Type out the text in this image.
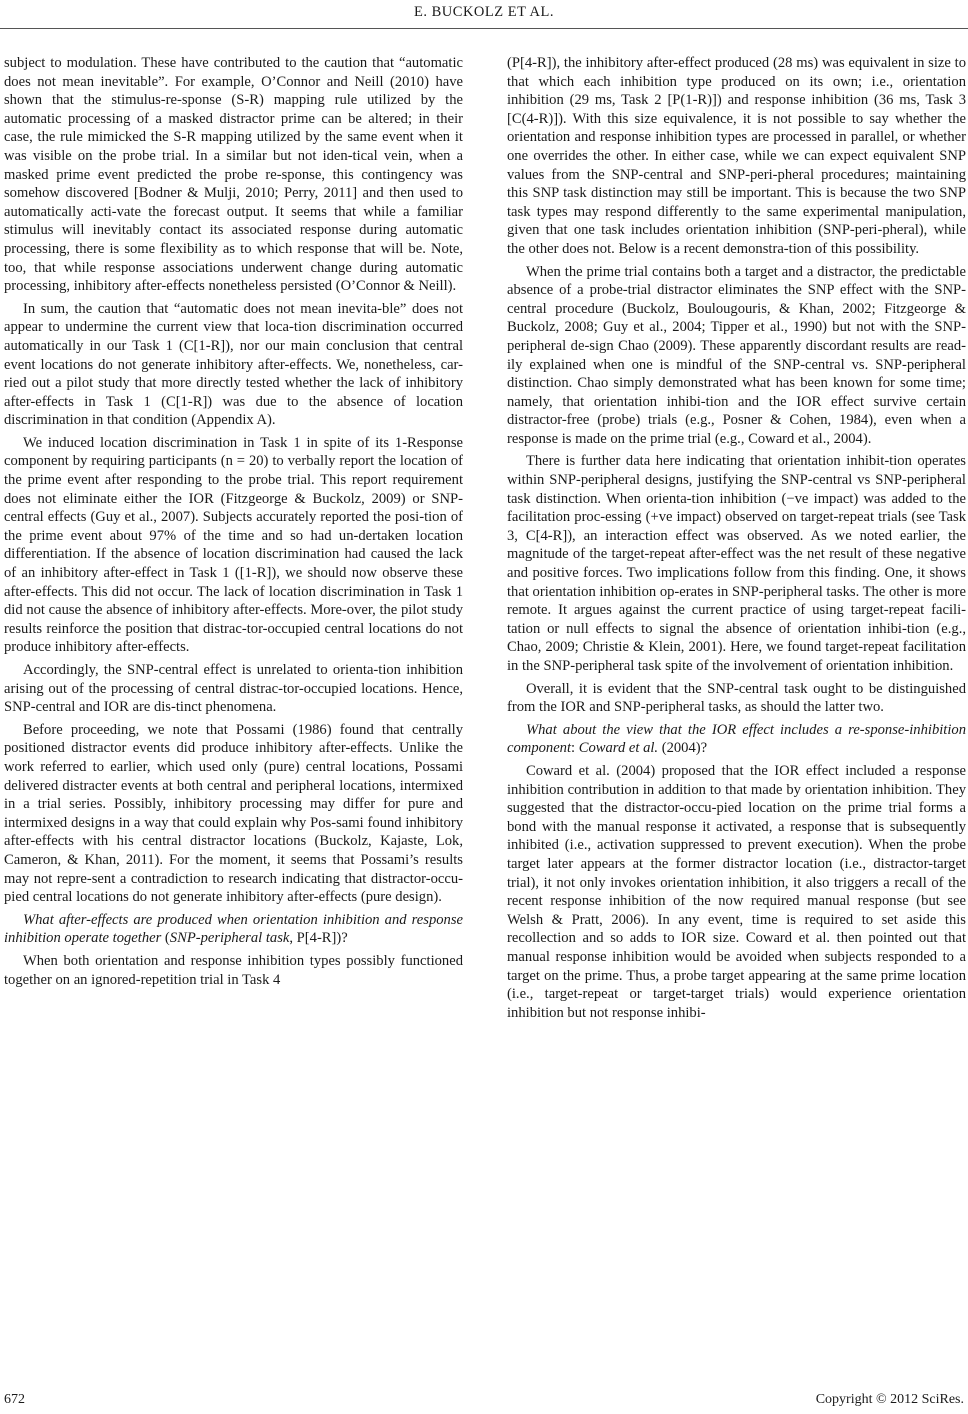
E. BUCKOLZ ET AL.

subject to modulation. These have contributed to the caution that “automatic does not mean inevitable”. For example, O’Connor and Neill (2010) have shown that the stimulus-re-sponse (S-R) mapping rule utilized by the automatic processing of a masked distractor prime can be altered; in their case, the rule mimicked the S-R mapping utilized by the same event when it was visible on the probe trial. In a similar but not iden-tical vein, when a masked prime event predicted the probe re-sponse, this contingency was somehow discovered [Bodner & Mulji, 2010; Perry, 2011] and then used to automatically acti-vate the forecast output. It seems that while a familiar stimulus will inevitably contact its associated response during automatic processing, there is some flexibility as to which response that will be. Note, too, that while response associations underwent change during automatic processing, inhibitory after-effects nonetheless persisted (O’Connor & Neill).

In sum, the caution that “automatic does not mean inevita-ble” does not appear to undermine the current view that loca-tion discrimination occurred automatically in our Task 1 (C[1-R]), nor our main conclusion that central event locations do not generate inhibitory after-effects. We, nonetheless, car-ried out a pilot study that more directly tested whether the lack of inhibitory after-effects in Task 1 (C[1-R]) was due to the absence of location discrimination in that condition (Appendix A).

We induced location discrimination in Task 1 in spite of its 1-Response component by requiring participants (n = 20) to verbally report the location of the prime event after responding to the probe trial. This report requirement does not eliminate either the IOR (Fitzgeorge & Buckolz, 2009) or SNP-central effects (Guy et al., 2007). Subjects accurately reported the posi-tion of the prime event about 97% of the time and so had un-dertaken location differentiation. If the absence of location discrimination had caused the lack of an inhibitory after-effect in Task 1 ([1-R]), we should now observe these after-effects. This did not occur. The lack of location discrimination in Task 1 did not cause the absence of inhibitory after-effects. More-over, the pilot study results reinforce the position that distrac-tor-occupied central locations do not produce inhibitory after-effects.

Accordingly, the SNP-central effect is unrelated to orienta-tion inhibition arising out of the processing of central distrac-tor-occupied locations. Hence, SNP-central and IOR are dis-tinct phenomena.

Before proceeding, we note that Possami (1986) found that centrally positioned distractor events did produce inhibitory after-effects. Unlike the work referred to earlier, which used only (pure) central locations, Possami delivered distracter events at both central and peripheral locations, intermixed in a trial series. Possibly, inhibitory processing may differ for pure and intermixed designs in a way that could explain why Pos-sami found inhibitory after-effects with his central distractor locations (Buckolz, Kajaste, Lok, Cameron, & Khan, 2011). For the moment, it seems that Possami’s results may not repre-sent a contradiction to research indicating that distractor-occu-pied central locations do not generate inhibitory after-effects (pure design).

What after-effects are produced when orientation inhibition and response inhibition operate together (SNP-peripheral task, P[4-R])?

When both orientation and response inhibition types possibly functioned together on an ignored-repetition trial in Task 4

(P[4-R]), the inhibitory after-effect produced (28 ms) was equivalent in size to that which each inhibition type produced on its own; i.e., orientation inhibition (29 ms, Task 2 [P(1-R)]) and response inhibition (36 ms, Task 3 [C(4-R)]). With this size equivalence, it is not possible to say whether the orientation and response inhibition types are processed in parallel, or whether one overrides the other. In either case, while we can expect equivalent SNP values from the SNP-central and SNP-peri-pheral procedures; maintaining this SNP task distinction may still be important. This is because the two SNP task types may respond differently to the same experimental manipulation, given that one task includes orientation inhibition (SNP-peri-pheral), while the other does not. Below is a recent demonstra-tion of this possibility.

When the prime trial contains both a target and a distractor, the predictable absence of a probe-trial distractor eliminates the SNP effect with the SNP-central procedure (Buckolz, Boulougouris, & Khan, 2002; Fitzgeorge & Buckolz, 2008; Guy et al., 2004; Tipper et al., 1990) but not with the SNP-peripheral de-sign Chao (2009). These apparently discordant results are read-ily explained when one is mindful of the SNP-central vs. SNP-peripheral distinction. Chao simply demonstrated what has been known for some time; namely, that orientation inhibi-tion and the IOR effect survive certain distractor-free (probe) trials (e.g., Posner & Cohen, 1984), even when a response is made on the prime trial (e.g., Coward et al., 2004).

There is further data here indicating that orientation inhibit-tion operates within SNP-peripheral designs, justifying the SNP-central vs SNP-peripheral task distinction. When orienta-tion inhibition (−ve impact) was added to the facilitation proc-essing (+ve impact) observed on target-repeat trials (see Task 3, C[4-R]), an interaction effect was observed. As we noted earlier, the magnitude of the target-repeat after-effect was the net result of these negative and positive forces. Two implications follow from this finding. One, it shows that orientation inhibition op-erates in SNP-peripheral tasks. The other is more remote. It argues against the current practice of using target-repeat facili-tation or null effects to signal the absence of orientation inhibi-tion (e.g., Chao, 2009; Christie & Klein, 2001). Here, we found target-repeat facilitation in the SNP-peripheral task spite of the involvement of orientation inhibition.

Overall, it is evident that the SNP-central task ought to be distinguished from the IOR and SNP-peripheral tasks, as should the latter two.

What about the view that the IOR effect includes a re-sponse-inhibition component: Coward et al. (2004)?

Coward et al. (2004) proposed that the IOR effect included a response inhibition contribution in addition to that made by orientation inhibition. They suggested that the distractor-occu-pied location on the prime trial forms a bond with the manual response it activated, a response that is subsequently inhibited (i.e., activation suppressed to prevent execution). When the probe target later appears at the former distractor location (i.e., distractor-target trial), it not only invokes orientation inhibition, it also triggers a recall of the recent response inhibition of the now required manual response (but see Welsh & Pratt, 2006). In any event, time is required to set aside this recollection and so adds to IOR size. Coward et al. then pointed out that manual response inhibition would be avoided when subjects responded to a target on the prime. Thus, a probe target appearing at the same prime location (i.e., target-repeat or target-target trials) would experience orientation inhibition but not response inhibi-

672	Copyright © 2012 SciRes.
